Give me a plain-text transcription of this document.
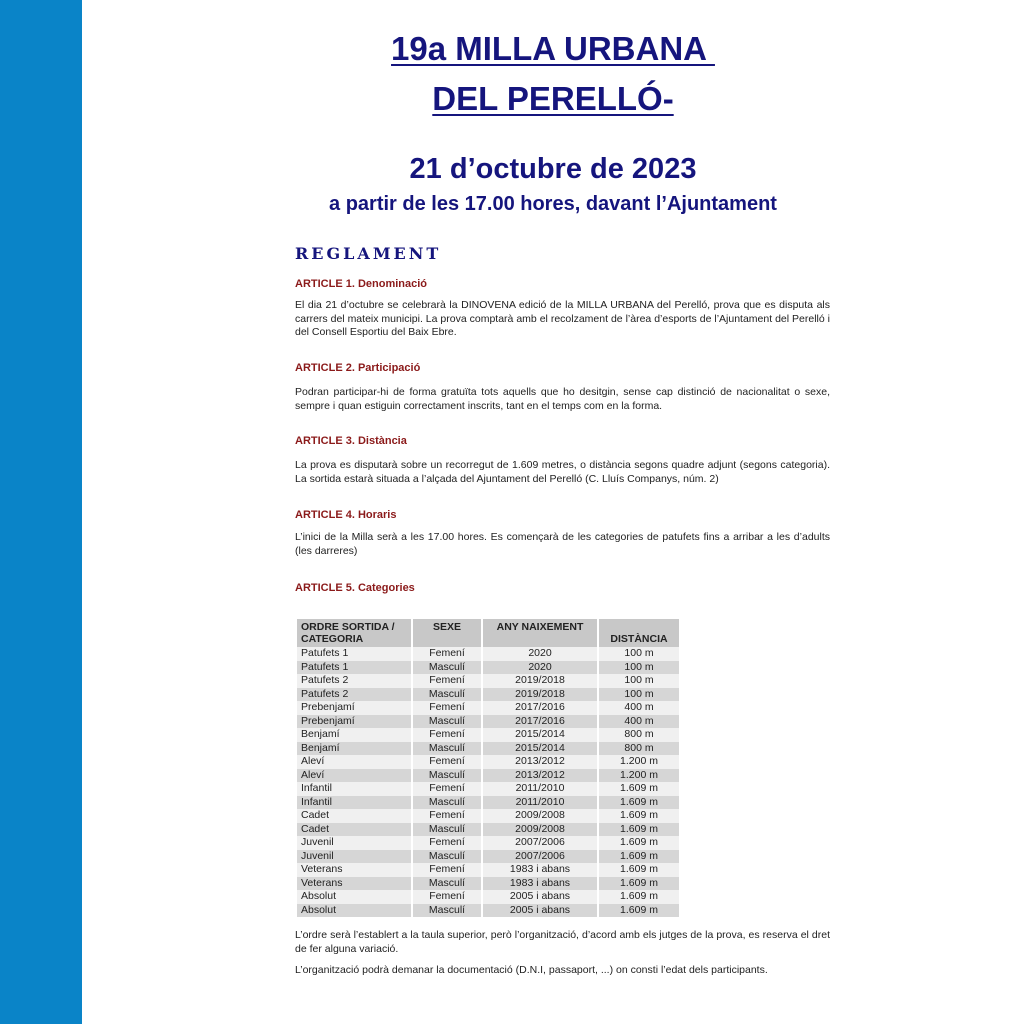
19a MILLA URBANA
DEL PERELLÓ-
21 d’octubre de 2023
a partir de les 17.00 hores, davant l’Ajuntament
REGLAMENT
ARTICLE 1. Denominació
El dia 21 d’octubre se celebrarà la DINOVENA edició de la MILLA URBANA del Perelló, prova que es disputa als carrers del mateix municipi. La prova comptarà amb el recolzament de l’àrea d’esports de l’Ajuntament del Perelló i del Consell Esportiu del Baix Ebre.
ARTICLE 2. Participació
Podran participar-hi de forma gratuïta tots aquells que ho desitgin, sense cap distinció de nacionalitat o sexe, sempre i quan estiguin correctament inscrits, tant en el temps com en la forma.
ARTICLE 3. Distància
La prova es disputarà sobre un recorregut de 1.609 metres, o distància segons quadre adjunt (segons categoria). La sortida estarà situada a l’alçada del Ajuntament del Perelló (C. Lluís Companys, núm. 2)
ARTICLE 4. Horaris
L’inici de la Milla serà a les 17.00 hores. Es començarà de les categories de patufets fins a arribar a les d’adults (les darreres)
ARTICLE 5. Categories
ORDRE SORTIDA / CATEGORIA	SEXE	ANY NAIXEMENT	DISTÀNCIA
Patufets 1	Femení	2020	100 m
Patufets 1	Masculí	2020	100 m
Patufets 2	Femení	2019/2018	100 m
Patufets 2	Masculí	2019/2018	100 m
Prebenjamí	Femení	2017/2016	400 m
Prebenjamí	Masculí	2017/2016	400 m
Benjamí	Femení	2015/2014	800 m
Benjamí	Masculí	2015/2014	800 m
Aleví	Femení	2013/2012	1.200 m
Aleví	Masculí	2013/2012	1.200 m
Infantil	Femení	2011/2010	1.609 m
Infantil	Masculí	2011/2010	1.609 m
Cadet	Femení	2009/2008	1.609 m
Cadet	Masculí	2009/2008	1.609 m
Juvenil	Femení	2007/2006	1.609 m
Juvenil	Masculí	2007/2006	1.609 m
Veterans	Femení	1983 i abans	1.609 m
Veterans	Masculí	1983 i abans	1.609 m
Absolut	Femení	2005 i abans	1.609 m
Absolut	Masculí	2005 i abans	1.609 m
L’ordre serà l’establert a la taula superior, però l’organització, d’acord amb els jutges de la prova, es reserva el dret de fer alguna variació.
L’organització podrà demanar la documentació (D.N.I, passaport, ...) on consti l’edat dels participants.
